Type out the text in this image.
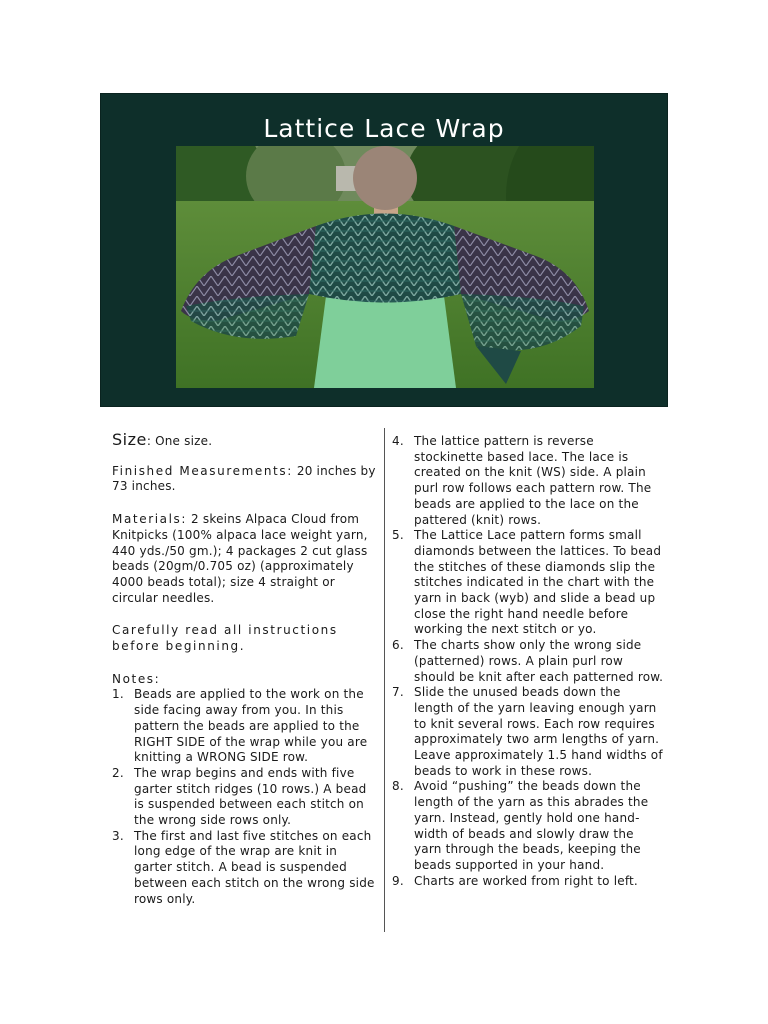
Lattice Lace Wrap

Size: One size.

Finished Measurements: 20 inches by 73 inches.

Materials: 2 skeins Alpaca Cloud from Knitpicks (100% alpaca lace weight yarn, 440 yds./50 gm.); 4 packages 2 cut glass beads (20gm/0.705 oz) (approximately 4000 beads total); size 4 straight or circular needles.

Carefully read all instructions before beginning.

Notes:

1. Beads are applied to the work on the side facing away from you. In this pattern the beads are applied to the RIGHT SIDE of the wrap while you are knitting a WRONG SIDE row.
2. The wrap begins and ends with five garter stitch ridges (10 rows.) A bead is suspended between each stitch on the wrong side rows only.
3. The first and last five stitches on each long edge of the wrap are knit in garter stitch. A bead is suspended between each stitch on the wrong side rows only.
4. The lattice pattern is reverse stockinette based lace. The lace is created on the knit (WS) side. A plain purl row follows each pattern row. The beads are applied to the lace on the pattered (knit) rows.
5. The Lattice Lace pattern forms small diamonds between the lattices. To bead the stitches of these diamonds slip the stitches indicated in the chart with the yarn in back (wyb) and slide a bead up close the right hand needle before working the next stitch or yo.
6. The charts show only the wrong side (patterned) rows. A plain purl row should be knit after each patterned row.
7. Slide the unused beads down the length of the yarn leaving enough yarn to knit several rows. Each row requires approximately two arm lengths of yarn. Leave approximately 1.5 hand widths of beads to work in these rows.
8. Avoid “pushing” the beads down the length of the yarn as this abrades the yarn. Instead, gently hold one hand-width of beads and slowly draw the yarn through the beads, keeping the beads supported in your hand.
9. Charts are worked from right to left.
